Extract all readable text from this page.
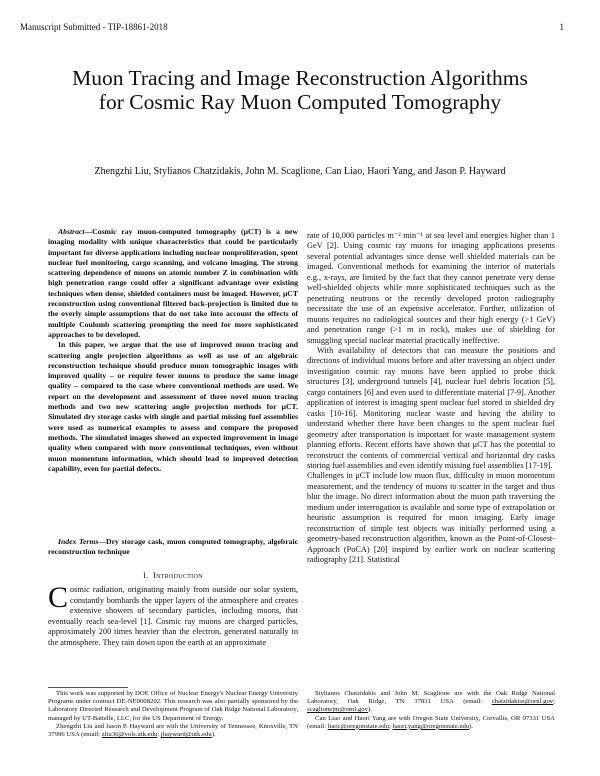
Manuscript Submitted - TIP-18861-2018	1
Muon Tracing and Image Reconstruction Algorithms for Cosmic Ray Muon Computed Tomography
Zhengzhi Liu, Stylianos Chatzidakis, John M. Scaglione, Can Liao, Haori Yang, and Jason P. Hayward

Abstract—Cosmic ray muon-computed tomography (μCT) is a new imaging modality with unique characteristics that could be particularly important for diverse applications including nuclear nonproliferation, spent nuclear fuel monitoring, cargo scanning, and volcano imaging. The strong scattering dependence of muons on atomic number Z in combination with high penetration range could offer a significant advantage over existing techniques when dense, shielded containers must be imaged. However, μCT reconstruction using conventional filtered back-projection is limited due to the overly simple assumptions that do not take into account the effects of multiple Coulomb scattering prompting the need for more sophisticated approaches to be developed.

In this paper, we argue that the use of improved muon tracing and scattering angle projection algorithms as well as use of an algebraic reconstruction technique should produce muon tomographic images with improved quality – or require fewer muons to produce the same image quality – compared to the case where conventional methods are used. We report on the development and assessment of three novel muon tracing methods and two new scattering angle projection methods for μCT. Simulated dry storage casks with single and partial missing fuel assemblies were used as numerical examples to assess and compare the proposed methods. The simulated images showed an expected improvement in image quality when compared with more conventional techniques, even without muon momentum information, which should lead to improved detection capability, even for partial defects.

Index Terms—Dry storage cask, muon computed tomography, algebraic reconstruction technique
I. Introduction
Cosmic radiation, originating mainly from outside our solar system, constantly bombards the upper layers of the atmosphere and creates extensive showers of secondary particles, including muons, that eventually reach sea-level [1]. Cosmic ray muons are charged particles, approximately 200 times heavier than the electron, generated naturally in the atmosphere. They rain down upon the earth at an approximate

rate of 10,000 particles m⁻² min⁻¹ at sea level and energies higher than 1 GeV [2]. Using cosmic ray muons for imaging applications presents several potential advantages since dense well shielded materials can be imaged. Conventional methods for examining the interior of materials e.g., x-rays, are limited by the fact that they cannot penetrate very dense well-shielded objects while more sophisticated techniques such as the penetrating neutrons or the recently developed proton radiography necessitate the use of an expensive accelerator. Further, utilization of muons requires no radiological sources and their high energy (>1 GeV) and penetration range (>1 m in rock), makes use of shielding for smuggling special nuclear material practically ineffective.

With availability of detectors that can measure the positions and directions of individual muons before and after traversing an object under investigation cosmic ray muons have been applied to probe thick structures [3], underground tunnels [4], nuclear fuel debris location [5], cargo containers [6] and even used to differentiate material [7-9]. Another application of interest is imaging spent nuclear fuel stored in shielded dry casks [10-16]. Monitoring nuclear waste and having the ability to understand whether there have been changes to the spent nuclear fuel geometry after transportation is important for waste management system planning efforts. Recent efforts have shown that μCT has the potential to reconstruct the contents of commercial vertical and horizontal dry casks storing fuel assemblies and even identify missing fuel assemblies [17-19].

Challenges in μCT include low muon flux, difficulty in muon momentum measurement, and the tendency of muons to scatter in the target and thus blur the image. No direct information about the muon path traversing the medium under interrogation is available and some type of extrapolation or heuristic assumption is required for muon imaging. Early image reconstruction of simple test objects was initially performed using a geometry-based reconstruction algorithm, known as the Point-of-Closest-Approach (PoCA) [20] inspired by earlier work on nuclear scattering radiography [21]. Statistical

This work was supported by DOE Office of Nuclear Energy's Nuclear Energy University Programs under contract DE-NE0008292. This research was also partially sponsored by the Laboratory Directed Research and Development Program of Oak Ridge National Laboratory, managed by UT-Battelle, LLC, for the US Department of Energy.

Zhengzhi Liu and Jason P. Hayward are with the University of Tennessee, Knoxville, TN 37996 USA (email: zliu36@vols.utk.edu; jhayward@utk.edu).

Stylianos Chatzidakis and John M. Scaglione are with the Oak Ridge National Laboratory, Oak Ridge, TN 37831 USA (email: chatzidakiss@ornl.gov; scaglionejm@ornl.gov).

Can Liao and Haori Yang are with Oregon State University, Corvallis, OR 97331 USA (email: liaoc@oregonstate.edu; haori.yang@oregonstate.edu).
